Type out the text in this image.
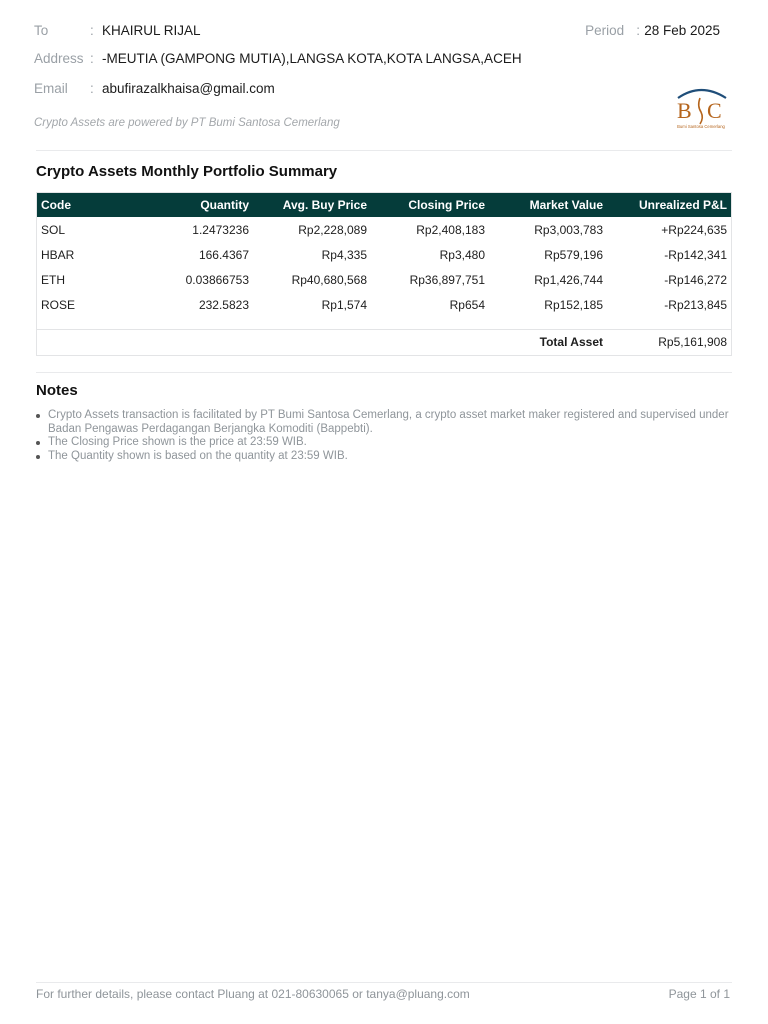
To	: KHAIRUL RIJAL
Address : -MEUTIA (GAMPONG MUTIA),LANGSA KOTA,KOTA LANGSA,ACEH
Email : abufirazalkhaisa@gmail.com
Period : 28 Feb 2025
Crypto Assets are powered by PT Bumi Santosa Cemerlang	B C
Bumi Santosa Cemerlang
Crypto Assets Monthly Portfolio Summary
Code	Quantity	Avg. Buy Price	Closing Price	Market Value	Unrealized P&L
SOL	1.2473236	Rp2,228,089	Rp2,408,183	Rp3,003,783	+Rp224,635
HBAR	166.4367	Rp4,335	Rp3,480	Rp579,196	-Rp142,341
ETH	0.03866753	Rp40,680,568	Rp36,897,751	Rp1,426,744	-Rp146,272
ROSE	232.5823	Rp1,574	Rp654	Rp152,185	-Rp213,845

Total Asset					Rp5,161,908
Notes
Crypto Assets transaction is facilitated by PT Bumi Santosa Cemerlang, a crypto asset market maker registered and supervised under Badan Pengawas Perdagangan Berjangka Komoditi (Bappebti).
The Closing Price shown is the price at 23:59 WIB.
The Quantity shown is based on the quantity at 23:59 WIB.
For further details, please contact Pluang at 021-80630065 or tanya@pluang.com	Page 1 of 1
